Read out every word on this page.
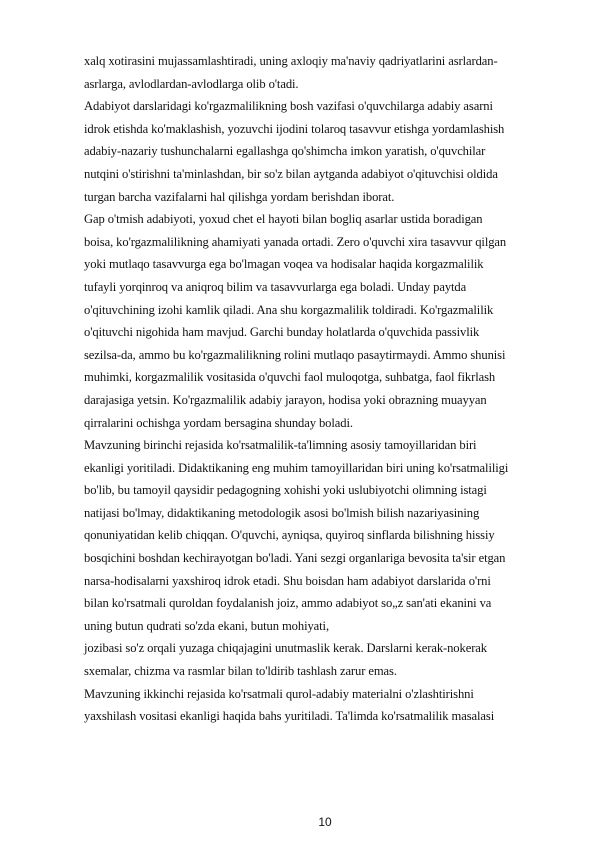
xalq xotirasini mujassamlashtiradi, uning axloqiy ma'naviy qadriyatlarini asrlardan-
asrlarga, avlodlardan-avlodlarga olib o'tadi.
Adabiyot darslaridagi ko'rgazmalilikning bosh vazifasi o'quvchilarga adabiy asarni
idrok etishda ko'maklashish, yozuvchi ijodini tolaroq tasavvur etishga yordamlashish
adabiy-nazariy tushunchalarni egallashga qo'shimcha imkon yaratish, o'quvchilar
nutqini o'stirishni ta'minlashdan, bir so'z bilan aytganda adabiyot o'qituvchisi oldida
turgan barcha vazifalarni hal qilishga yordam berishdan iborat.
Gap o'tmish adabiyoti, yoxud chet el hayoti bilan bogliq asarlar ustida boradigan
boisa, ko'rgazmalilikning ahamiyati yanada ortadi. Zero o'quvchi xira tasavvur qilgan
yoki mutlaqo tasavvurga ega bo'lmagan voqea va hodisalar haqida korgazmalilik
tufayli yorqinroq va aniqroq bilim va tasavvurlarga ega boladi. Unday paytda
o'qituvchining izohi kamlik qiladi. Ana shu korgazmalilik toldiradi. Ko'rgazmalilik
o'qituvchi nigohida ham mavjud. Garchi bunday holatlarda o'quvchida passivlik
sezilsa-da, ammo bu ko'rgazmalilikning rolini mutlaqo pasaytirmaydi. Ammo shunisi
muhimki, korgazmalilik vositasida o'quvchi faol muloqotga, suhbatga, faol fikrlash
darajasiga yetsin. Ko'rgazmalilik adabiy jarayon, hodisa yoki obrazning muayyan
qirralarini ochishga yordam bersagina shunday boladi.
Mavzuning birinchi rejasida ko'rsatmalilik-ta'limning asosiy tamoyillaridan biri
ekanligi yoritiladi. Didaktikaning eng muhim tamoyillaridan biri uning ko'rsatmaliligi
bo'lib, bu tamoyil qaysidir pedagogning xohishi yoki uslubiyotchi olimning istagi
natijasi bo'lmay, didaktikaning metodologik asosi bo'lmish bilish nazariyasining
qonuniyatidan kelib chiqqan. O'quvchi, ayniqsa, quyiroq sinflarda bilishning hissiy
bosqichini boshdan kechirayotgan bo'ladi. Yani sezgi organlariga bevosita ta'sir etgan
narsa-hodisalarni yaxshiroq idrok etadi. Shu boisdan ham adabiyot darslarida o'rni
bilan ko'rsatmali quroldan foydalanish joiz, ammo adabiyot so„z san'ati ekanini va
uning butun qudrati so'zda ekani, butun mohiyati,
jozibasi so'z orqali yuzaga chiqajagini unutmaslik kerak. Darslarni kerak-nokerak
sxemalar, chizma va rasmlar bilan to'ldirib tashlash zarur emas.
Mavzuning ikkinchi rejasida ko'rsatmali qurol-adabiy materialni o'zlashtirishni
yaxshilash vositasi ekanligi haqida bahs yuritiladi. Ta'limda ko'rsatmalilik masalasi
10
